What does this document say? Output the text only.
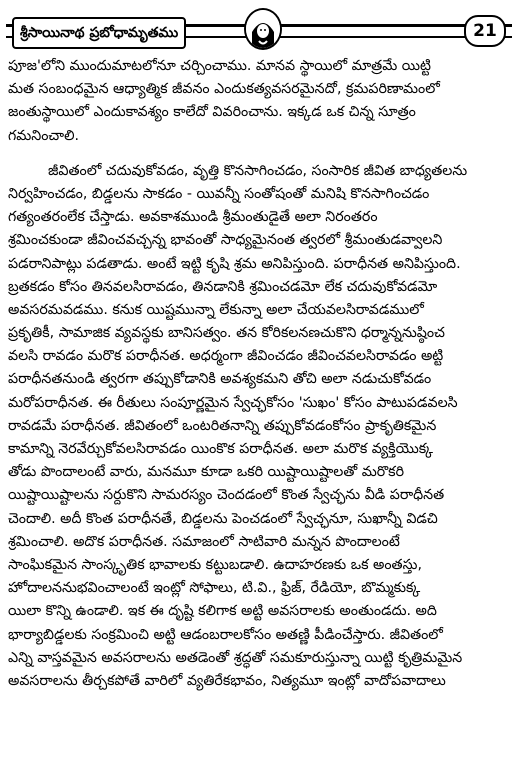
శ్రీసాయినాథ ప్రబోధామృతము	21
పూజ'లోని ముందుమాటలోనూ చర్చించాము. మానవ స్థాయిలో మాత్రమే యిట్టి
మత సంబంధమైన ఆధ్యాత్మిక జీవనం ఎందుకత్యవసరమైనదో, క్రమపరిణామంలో
జంతుస్థాయిలో ఎందుకావశ్యం కాలేదో వివరించాను. ఇక్కడ ఒక చిన్న సూత్రం
గమనించాలి.
జీవితంలో చదువుకోవడం, వృత్తి కొనసాగించడం, సంసారిక జీవిత బాధ్యతలను
నిర్వహించడం, బిడ్డలను సాకడం - యివన్నీ సంతోషంతో మనిషి కొనసాగించడం
గత్యంతరంలేక చేస్తాడు. అవకాశముండి శ్రీమంతుడైతే అలా నిరంతరం
శ్రమించకుండా జీవించవచ్చన్న భావంతో సాధ్యమైనంత త్వరలో శ్రీమంతుడవ్వాలని
పడరానిపాట్లు పడతాడు. అంటే ఇట్టి కృషి శ్రమ అనిపిస్తుంది. పరాధీనత అనిపిస్తుంది.
బ్రతకడం కోసం తినవలసిరావడం, తినడానికి శ్రమించడమో లేక చదువుకోవడమో
అవసరమవడము. కనుక యిష్టమున్నా లేకున్నా అలా చేయవలసిరావడములో
ప్రకృతికీ, సామాజిక వ్యవస్థకు బానిసత్వం. తన కోరికలనణచుకొని ధర్మాన్ననుష్ఠించ
వలసి రావడం మరొక పరాధీనత. అధర్మంగా జీవించడం జీవించవలసిరావడం అట్టి
పరాధీనతనుండి త్వరగా తప్పుకోడానికి అవశ్యకమని తోచి అలా నడుచుకోవడం
మరోపరాధీనత. ఈ రీతులు సంపూర్ణమైన స్వేచ్ఛకోసం 'సుఖం' కోసం పాటుపడవలసి
రావడమే పరాధీనత. జీవితంలో ఒంటరితనాన్ని తప్పుకోవడంకోసం ప్రాకృతికమైన
కామాన్ని నెరవేర్చుకోవలసిరావడం యింకొక పరాధీనత. అలా మరొక వ్యక్తియొక్క
తోడు పొందాలంటే వారు, మనమూ కూడా ఒకరి యిష్టాయిష్టాలతో మరొకరి
యిష్టాయిష్టాలను సర్దుకొని సామరస్యం చెందడంలో కొంత స్వేచ్ఛను వీడి పరాధీనత
చెందాలి. అదీ కొంత పరాధీనతే, బిడ్డలను పెంచడంలో స్వేచ్ఛనూ, సుఖాన్నీ విడచి
శ్రమించాలి. అదొక పరాధీనత. సమాజంలో సాటివారి మన్నన పొందాలంటే
సాంఘికమైన సాంస్కృతిక భావాలకు కట్టుబడాలి. ఉదాహరణకు ఒక అంతస్తు,
హోదాలననుభవించాలంటే ఇంట్లో సోఫాలు, టి.వి., ఫ్రిజ్, రేడియో, బొమ్మకుక్క
యిలా కొన్ని ఉండాలి. ఇక ఈ దృష్టి కలిగాక అట్టి అవసరాలకు అంతుండదు. అది
భార్యాబిడ్డలకు సంక్రమించి అట్టి ఆడంబరాలకోసం అతణ్ణి పీడించేస్తారు. జీవితంలో
ఎన్ని వాస్తవమైన అవసరాలను అతడెంతో శ్రద్ధతో సమకూరుస్తున్నా యిట్టి కృత్రిమమైన
అవసరాలను తీర్చకపోతే వారిలో వ్యతిరేకభావం, నిత్యమూ ఇంట్లో వాదోపవాదాలు
